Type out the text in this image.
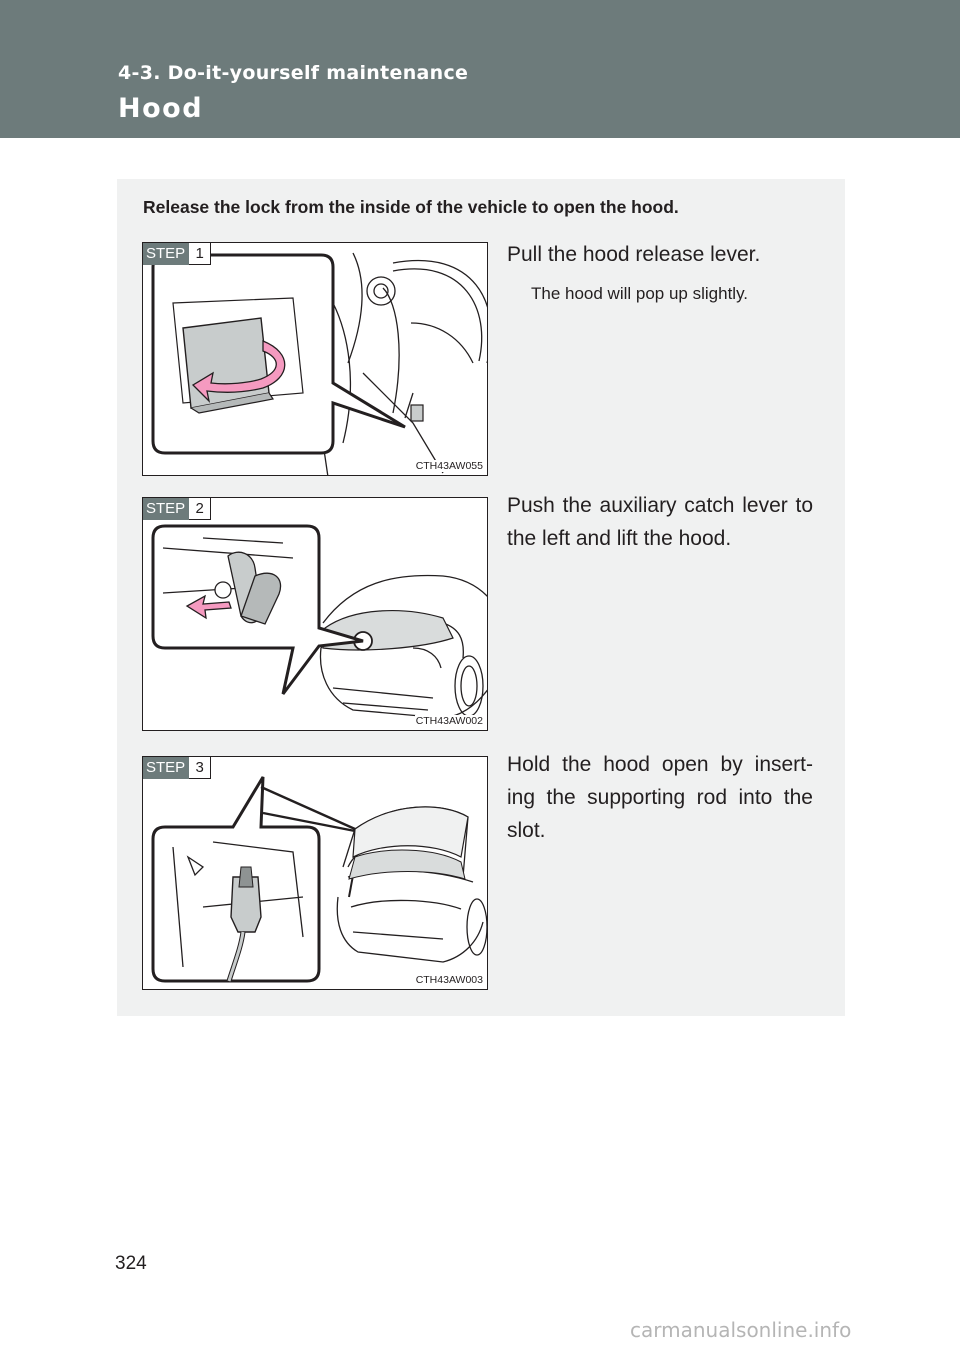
4-3. Do-it-yourself maintenance
Hood
Release the lock from the inside of the vehicle to open the hood.
STEP 1
CTH43AW055
Pull the hood release lever.
The hood will pop up slightly.
STEP 2
CTH43AW002
Push the auxiliary catch lever to the left and lift the hood.
STEP 3
CTH43AW003
Hold the hood open by insert- ing the supporting rod into the slot.
324
carmanualsonline.info
